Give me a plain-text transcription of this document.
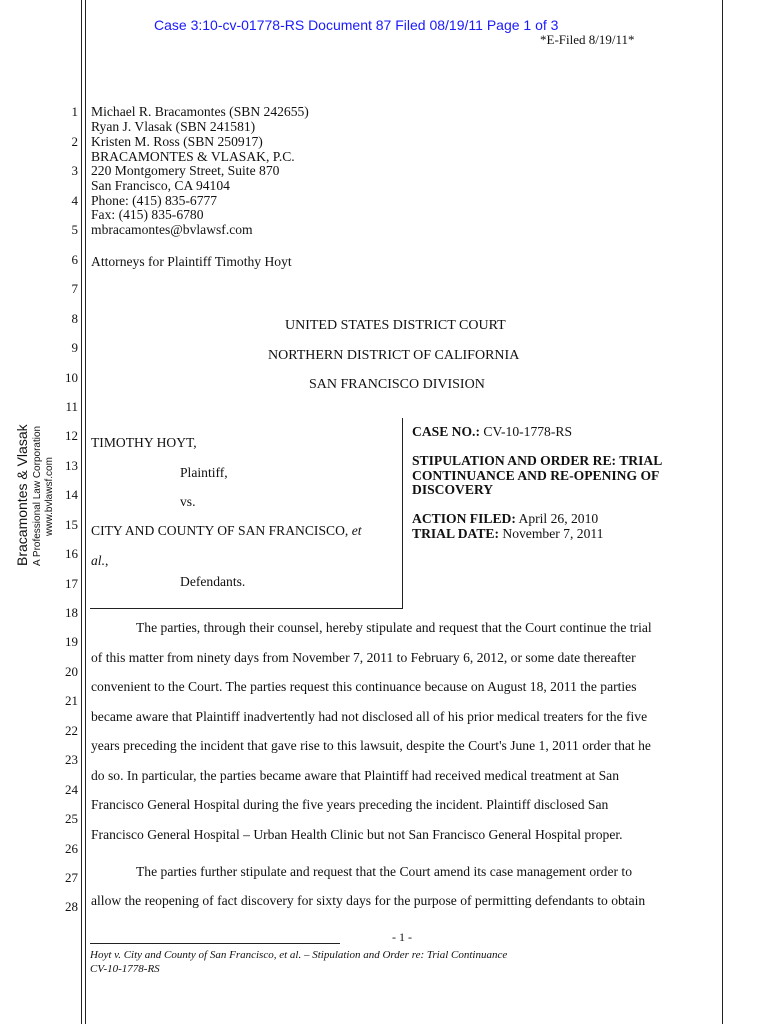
Case 3:10-cv-01778-RS Document 87 Filed 08/19/11 Page 1 of 3
*E-Filed 8/19/11*
Bracamontes & Vlasak A Professional Law Corporation www.bvlawsf.com
1
2
3
4
5
6
7
8
9
10
11
12
13
14
15
16
17
18
19
20
21
22
23
24
25
26
27
28
Michael R. Bracamontes (SBN 242655)
Ryan J. Vlasak (SBN 241581)
Kristen M. Ross (SBN 250917)
BRACAMONTES & VLASAK, P.C.
220 Montgomery Street, Suite 870
San Francisco, CA 94104
Phone: (415) 835-6777
Fax: (415) 835-6780
mbracamontes@bvlawsf.com
Attorneys for Plaintiff Timothy Hoyt
UNITED STATES DISTRICT COURT
NORTHERN DISTRICT OF CALIFORNIA
SAN FRANCISCO DIVISION
TIMOTHY HOYT,
Plaintiff,
vs.
CITY AND COUNTY OF SAN FRANCISCO, et
al.,
Defendants.
CASE NO.: CV-10-1778-RS
STIPULATION AND ORDER RE: TRIAL
CONTINUANCE AND RE-OPENING OF
DISCOVERY
ACTION FILED: April 26, 2010
TRIAL DATE: November 7, 2011
The parties, through their counsel, hereby stipulate and request that the Court continue the trial
of this matter from ninety days from November 7, 2011 to February 6, 2012, or some date thereafter
convenient to the Court. The parties request this continuance because on August 18, 2011 the parties
became aware that Plaintiff inadvertently had not disclosed all of his prior medical treaters for the five
years preceding the incident that gave rise to this lawsuit, despite the Court's June 1, 2011 order that he
do so. In particular, the parties became aware that Plaintiff had received medical treatment at San
Francisco General Hospital during the five years preceding the incident. Plaintiff disclosed San
Francisco General Hospital – Urban Health Clinic but not San Francisco General Hospital proper.
The parties further stipulate and request that the Court amend its case management order to
allow the reopening of fact discovery for sixty days for the purpose of permitting defendants to obtain
- 1 -
Hoyt v. City and County of San Francisco, et al. – Stipulation and Order re: Trial Continuance
CV-10-1778-RS
